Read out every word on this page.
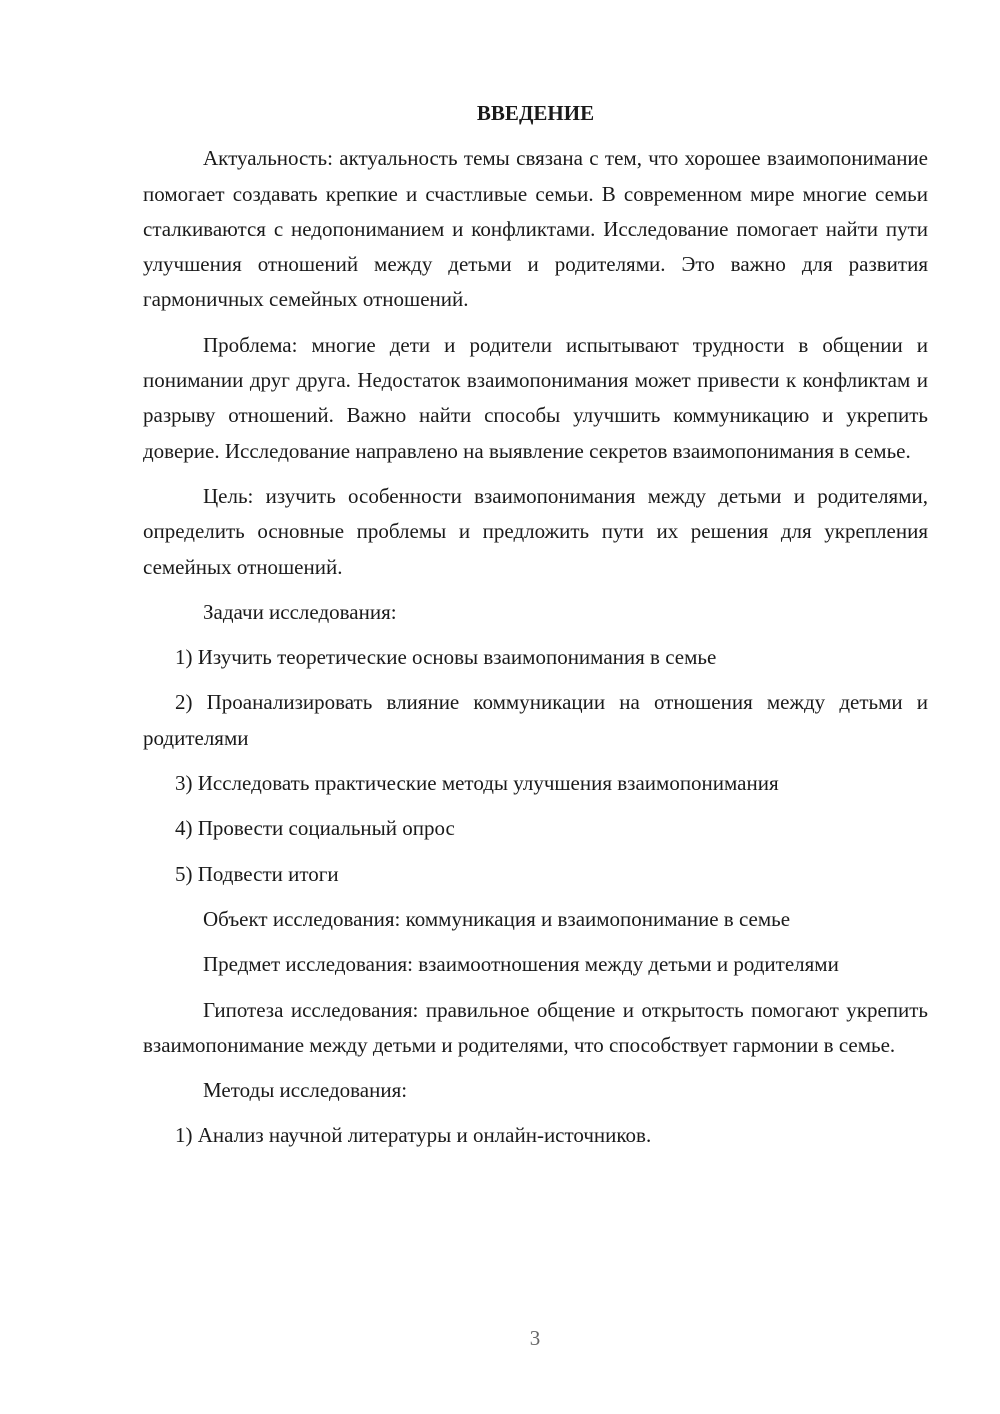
ВВЕДЕНИЕ

Актуальность: актуальность темы связана с тем, что хорошее взаимопонимание помогает создавать крепкие и счастливые семьи. В современном мире многие семьи сталкиваются с недопониманием и конфликтами. Исследование помогает найти пути улучшения отношений между детьми и родителями. Это важно для развития гармоничных семейных отношений.

Проблема: многие дети и родители испытывают трудности в общении и понимании друг друга. Недостаток взаимопонимания может привести к конфликтам и разрыву отношений. Важно найти способы улучшить коммуникацию и укрепить доверие. Исследование направлено на выявление секретов взаимопонимания в семье.

Цель: изучить особенности взаимопонимания между детьми и родителями, определить основные проблемы и предложить пути их решения для укрепления семейных отношений.

Задачи исследования:

1) Изучить теоретические основы взаимопонимания в семье

2) Проанализировать влияние коммуникации на отношения между детьми и родителями

3) Исследовать практические методы улучшения взаимопонимания

4) Провести социальный опрос

5) Подвести итоги

Объект исследования: коммуникация и взаимопонимание в семье

Предмет исследования: взаимоотношения между детьми и родителями

Гипотеза исследования: правильное общение и открытость помогают укрепить взаимопонимание между детьми и родителями, что способствует гармонии в семье.

Методы исследования:

1) Анализ научной литературы и онлайн-источников.

3
